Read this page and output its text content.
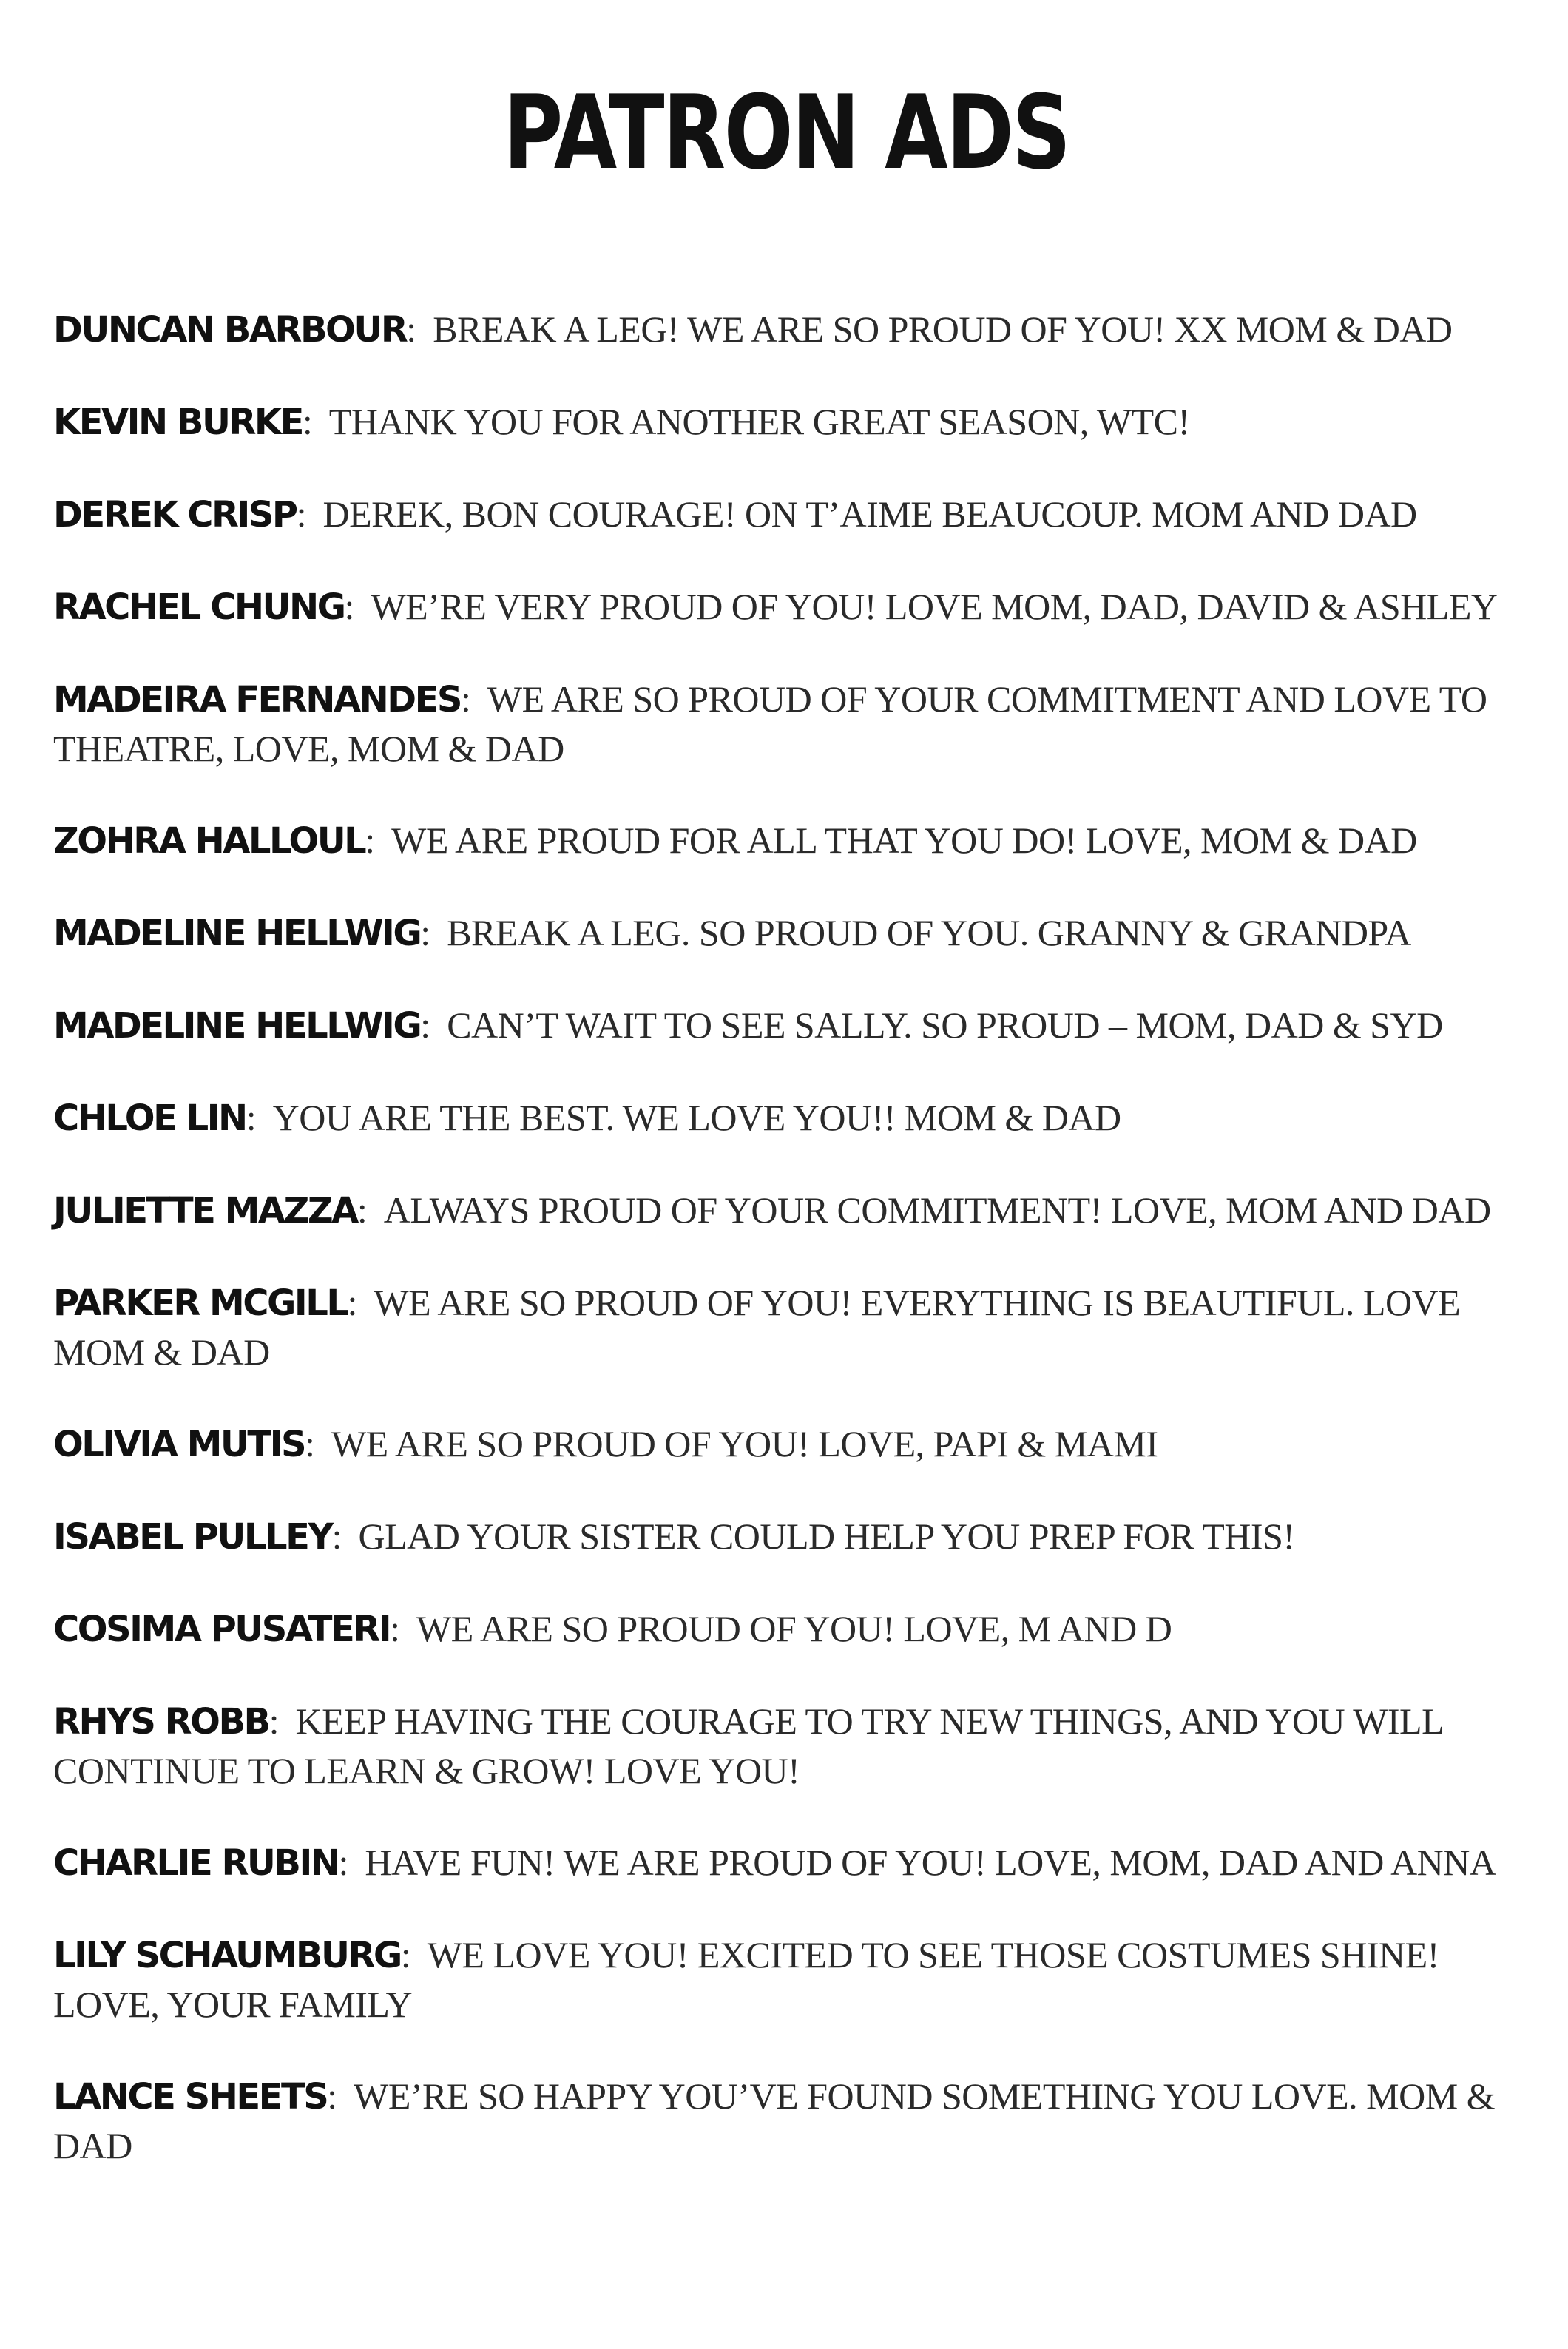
PATRON ADS
DUNCAN BARBOUR: BREAK A LEG! WE ARE SO PROUD OF YOU! XX MOM & DAD
KEVIN BURKE: THANK YOU FOR ANOTHER GREAT SEASON, WTC!
DEREK CRISP: DEREK, BON COURAGE! ON T’AIME BEAUCOUP. MOM AND DAD
RACHEL CHUNG: WE’RE VERY PROUD OF YOU! LOVE MOM, DAD, DAVID & ASHLEY
MADEIRA FERNANDES: WE ARE SO PROUD OF YOUR COMMITMENT AND LOVE TO THEATRE, LOVE, MOM & DAD
ZOHRA HALLOUL: WE ARE PROUD FOR ALL THAT YOU DO! LOVE, MOM & DAD
MADELINE HELLWIG: BREAK A LEG. SO PROUD OF YOU. GRANNY & GRANDPA
MADELINE HELLWIG: CAN’T WAIT TO SEE SALLY. SO PROUD – MOM, DAD & SYD
CHLOE LIN: YOU ARE THE BEST. WE LOVE YOU!! MOM & DAD
JULIETTE MAZZA: ALWAYS PROUD OF YOUR COMMITMENT! LOVE, MOM AND DAD
PARKER MCGILL: WE ARE SO PROUD OF YOU! EVERYTHING IS BEAUTIFUL. LOVE MOM & DAD
OLIVIA MUTIS: WE ARE SO PROUD OF YOU! LOVE, PAPI & MAMI
ISABEL PULLEY: GLAD YOUR SISTER COULD HELP YOU PREP FOR THIS!
COSIMA PUSATERI: WE ARE SO PROUD OF YOU! LOVE, M AND D
RHYS ROBB: KEEP HAVING THE COURAGE TO TRY NEW THINGS, AND YOU WILL CONTINUE TO LEARN & GROW! LOVE YOU!
CHARLIE RUBIN: HAVE FUN! WE ARE PROUD OF YOU! LOVE, MOM, DAD AND ANNA
LILY SCHAUMBURG: WE LOVE YOU! EXCITED TO SEE THOSE COSTUMES SHINE! LOVE, YOUR FAMILY
LANCE SHEETS: WE’RE SO HAPPY YOU’VE FOUND SOMETHING YOU LOVE. MOM & DAD
